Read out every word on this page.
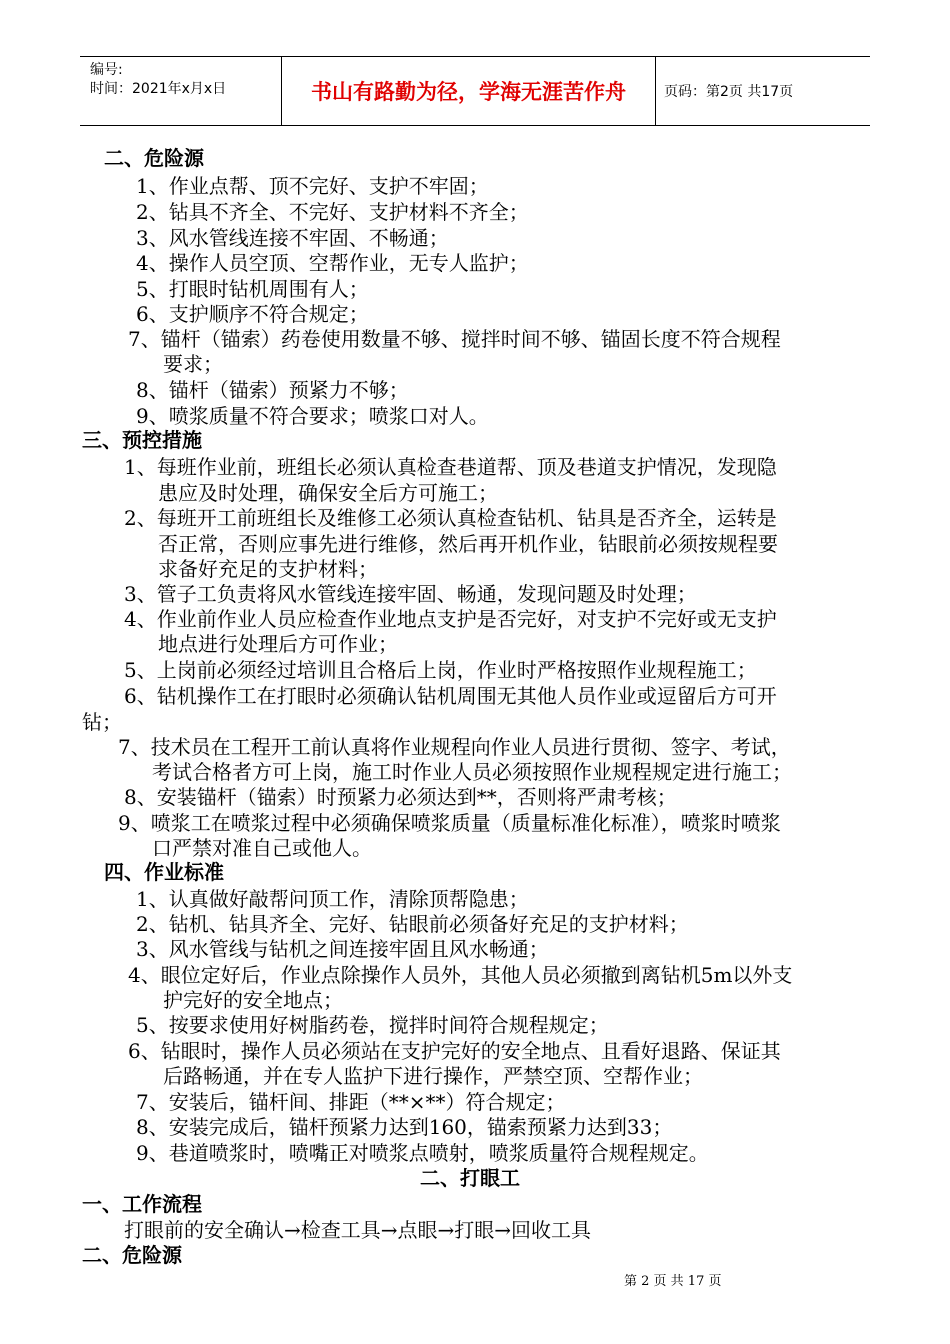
编号:
时间：2021年x月x日	书山有路勤为径，学海无涯苦作舟	页码：第2页 共17页
二、危险源
1、作业点帮、顶不完好、支护不牢固；
2、钻具不齐全、不完好、支护材料不齐全；
3、风水管线连接不牢固、不畅通；
4、操作人员空顶、空帮作业，无专人监护；
5、打眼时钻机周围有人；
6、支护顺序不符合规定；
7、锚杆（锚索）药卷使用数量不够、搅拌时间不够、锚固长度不符合规程
要求；
8、锚杆（锚索）预紧力不够；
9、喷浆质量不符合要求；喷浆口对人。
三、预控措施
1、每班作业前，班组长必须认真检查巷道帮、顶及巷道支护情况，发现隐
患应及时处理，确保安全后方可施工；
2、每班开工前班组长及维修工必须认真检查钻机、钻具是否齐全，运转是
否正常，否则应事先进行维修，然后再开机作业，钻眼前必须按规程要
求备好充足的支护材料；
3、管子工负责将风水管线连接牢固、畅通，发现问题及时处理；
4、作业前作业人员应检查作业地点支护是否完好，对支护不完好或无支护
地点进行处理后方可作业；
5、上岗前必须经过培训且合格后上岗，作业时严格按照作业规程施工；
6、钻机操作工在打眼时必须确认钻机周围无其他人员作业或逗留后方可开
钻；
7、技术员在工程开工前认真将作业规程向作业人员进行贯彻、签字、考试，
考试合格者方可上岗，施工时作业人员必须按照作业规程规定进行施工；
8、安装锚杆（锚索）时预紧力必须达到**，否则将严肃考核；
9、喷浆工在喷浆过程中必须确保喷浆质量（质量标准化标准），喷浆时喷浆
口严禁对准自己或他人。
四、作业标准
1、认真做好敲帮问顶工作，清除顶帮隐患；
2、钻机、钻具齐全、完好、钻眼前必须备好充足的支护材料；
3、风水管线与钻机之间连接牢固且风水畅通；
4、眼位定好后，作业点除操作人员外，其他人员必须撤到离钻机5m以外支
护完好的安全地点；
5、按要求使用好树脂药卷，搅拌时间符合规程规定；
6、钻眼时，操作人员必须站在支护完好的安全地点、且看好退路、保证其
后路畅通，并在专人监护下进行操作，严禁空顶、空帮作业；
7、安装后，锚杆间、排距（**×**）符合规定；
8、安装完成后，锚杆预紧力达到160，锚索预紧力达到33；
9、巷道喷浆时，喷嘴正对喷浆点喷射，喷浆质量符合规程规定。
二、打眼工
一、工作流程
打眼前的安全确认→检查工具→点眼→打眼→回收工具
二、危险源
第 2 页 共 17 页
